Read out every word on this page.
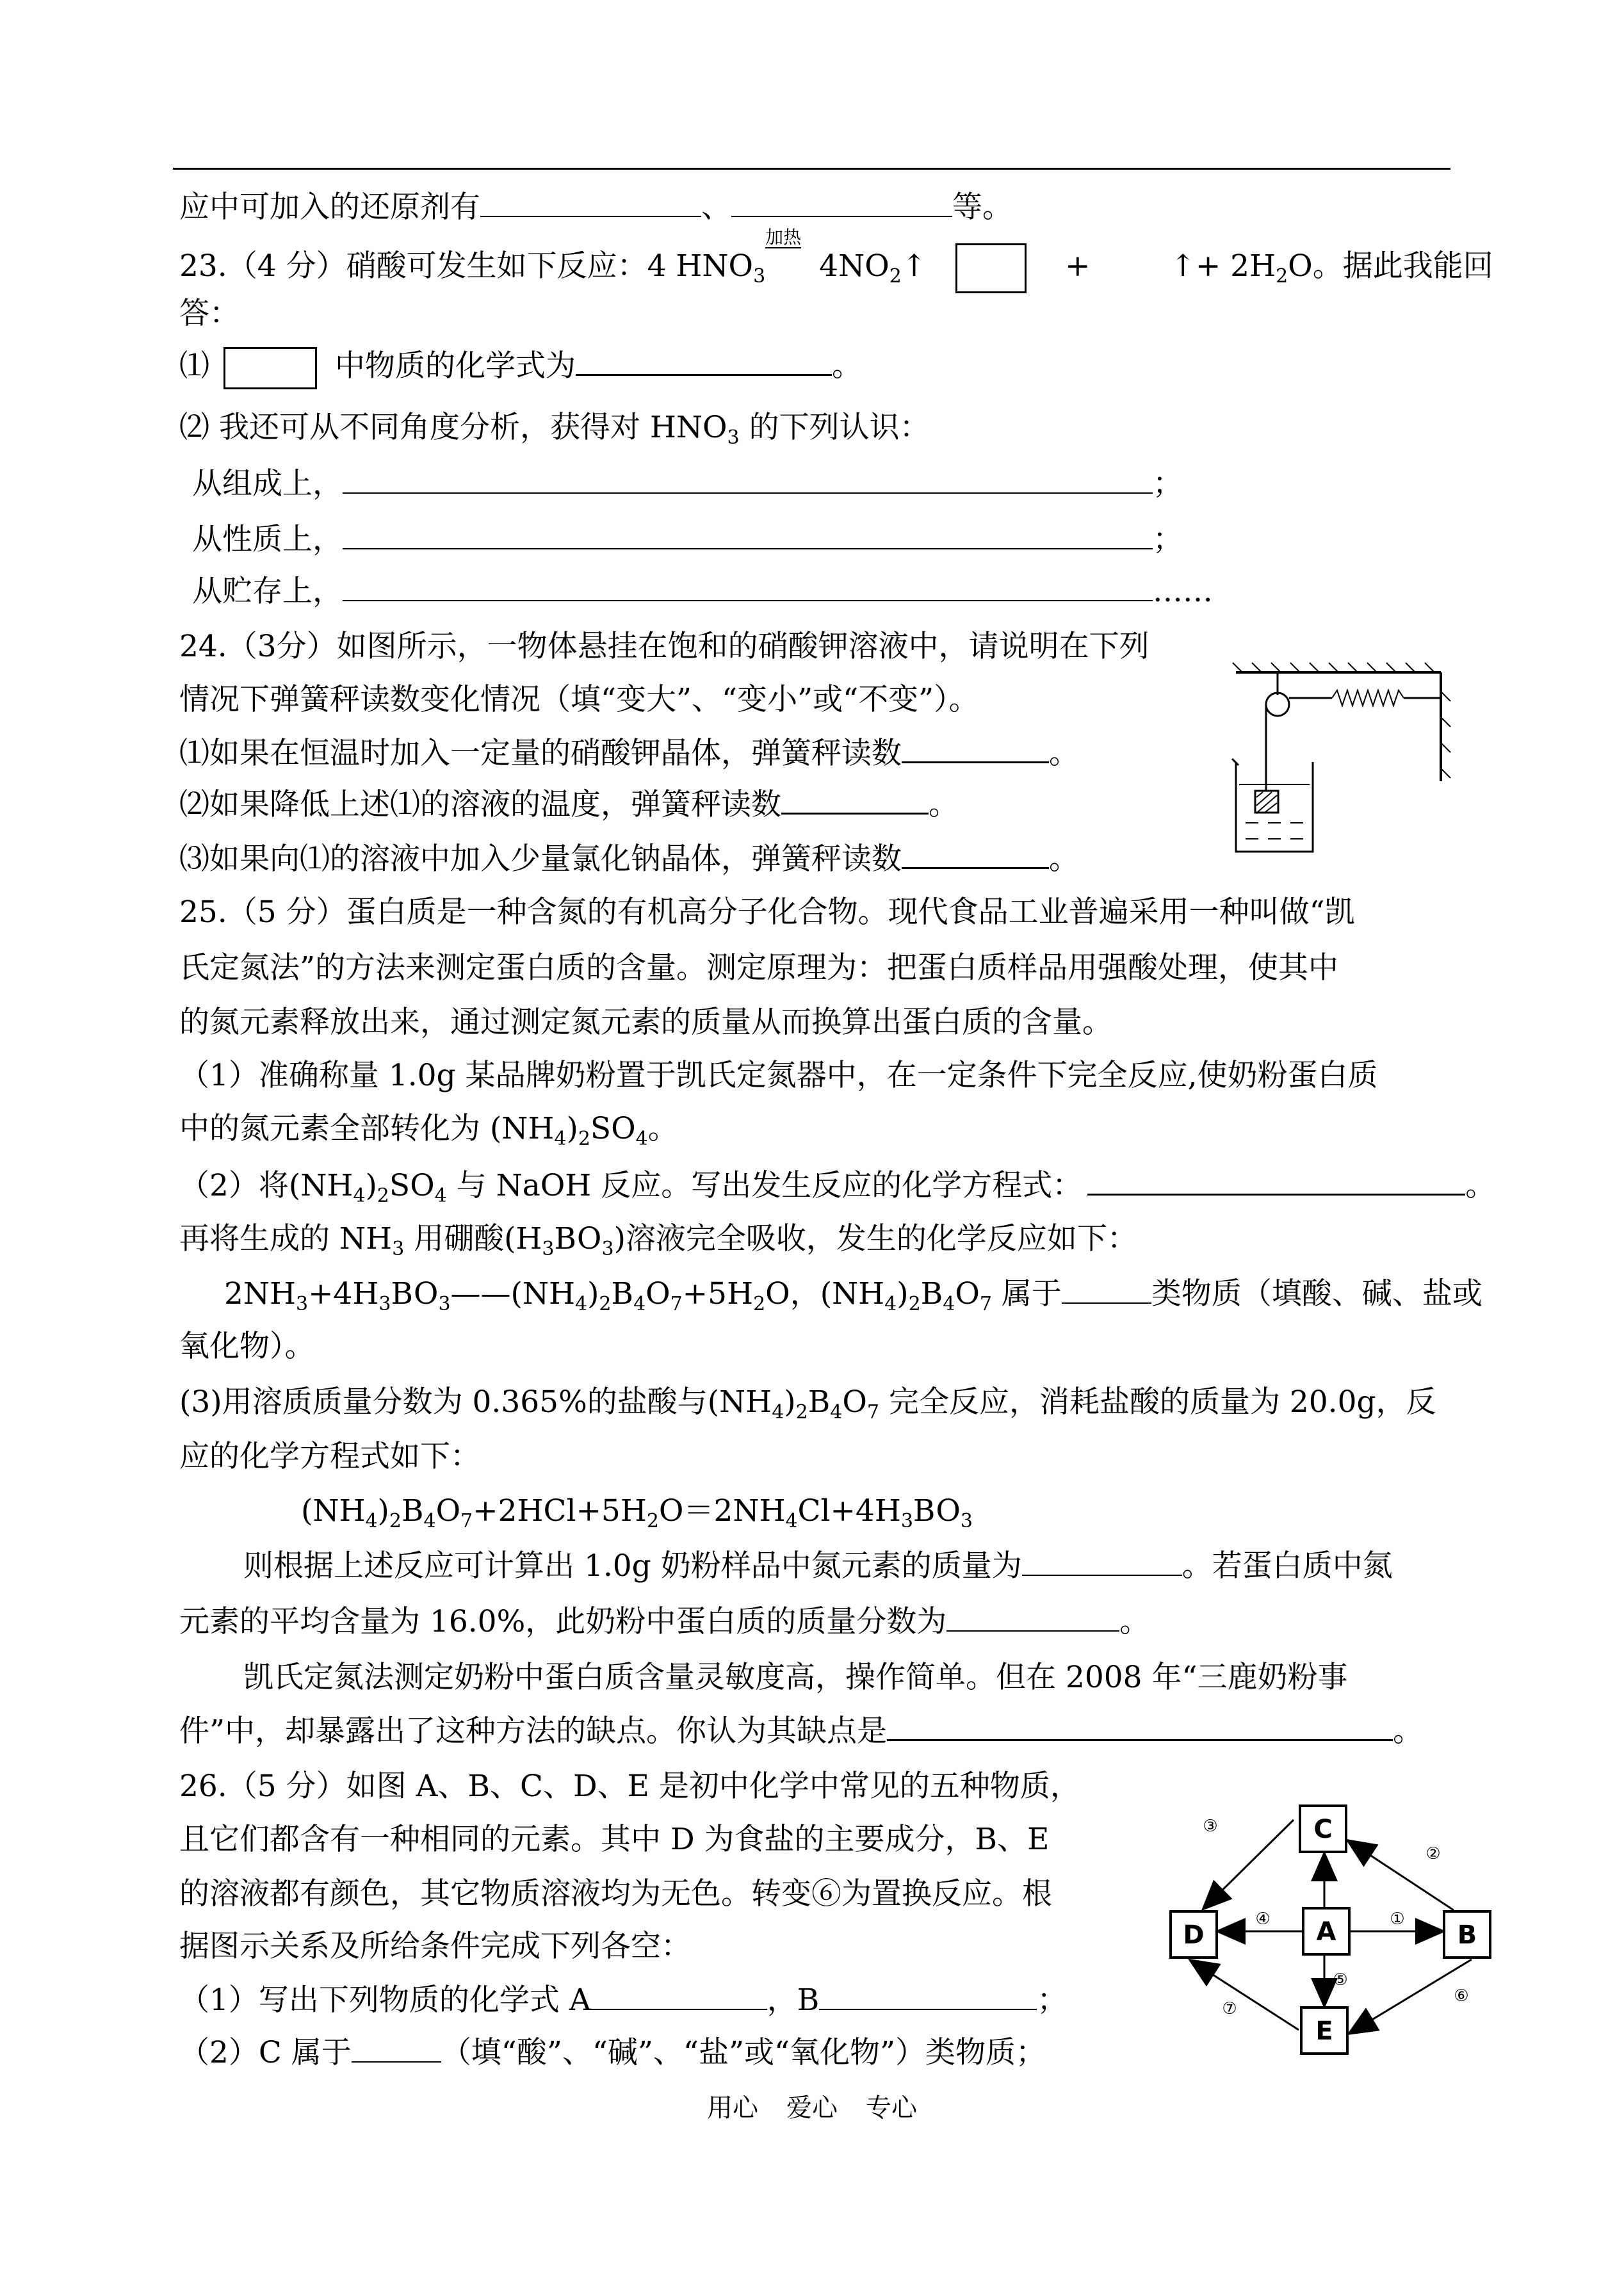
应中可加入的还原剂有	、	等。
23.（4 分）硝酸可发生如下反应：4 $HNO_3$
加热
$4NO_2↑$	+	↑+ $2H_2O$。据此我能回
答：
⑴	中物质的化学式为	。
⑵ 我还可从不同角度分析，获得对 $HNO_3$ 的下列认识：
从组成上，	；
从性质上，	；
从贮存上，	……
24.（3分）如图所示，一物体悬挂在饱和的硝酸钾溶液中，请说明在下列
情况下弹簧秤读数变化情况（填“变大”、“变小”或“不变”）。
⑴如果在恒温时加入一定量的硝酸钾晶体，弹簧秤读数	。
⑵如果降低上述⑴的溶液的温度，弹簧秤读数	。
⑶如果向⑴的溶液中加入少量氯化钠晶体，弹簧秤读数	。
25.（5 分）蛋白质是一种含氮的有机高分子化合物。现代食品工业普遍采用一种叫做“凯
氏定氮法”的方法来测定蛋白质的含量。测定原理为：把蛋白质样品用强酸处理，使其中
的氮元素释放出来，通过测定氮元素的质量从而换算出蛋白质的含量。
（1）准确称量 1.0g 某品牌奶粉置于凯氏定氮器中，在一定条件下完全反应,使奶粉蛋白质
中的氮元素全部转化为 $(NH_4)_2SO_4$。
（2）将$(NH_4)_2SO_4$ 与 NaOH 反应。写出发生反应的化学方程式：	。
再将生成的 $NH_3$ 用硼酸$(H_3BO_3)$溶液完全吸收，发生的化学反应如下：
$2NH_3+4H_3BO_3——(NH_4)_2B_4O_7+5H_2O$，$(NH_4)_2B_4O_7$ 属于	类物质（填酸、碱、盐或
氧化物）。
(3)用溶质质量分数为 0.365%的盐酸与$(NH_4)_2B_4O_7$ 完全反应，消耗盐酸的质量为 20.0g，反
应的化学方程式如下：
$(NH_4)_2B_4O_7+2HCl+5H_2O=2NH_4Cl+4H_3BO_3$
则根据上述反应可计算出 1.0g 奶粉样品中氮元素的质量为	。若蛋白质中氮
元素的平均含量为 16.0%，此奶粉中蛋白质的质量分数为	。
凯氏定氮法测定奶粉中蛋白质含量灵敏度高，操作简单。但在 2008 年“三鹿奶粉事
件”中，却暴露出了这种方法的缺点。你认为其缺点是	。
26.（5 分）如图 A、B、C、D、E 是初中化学中常见的五种物质，
且它们都含有一种相同的元素。其中 D 为食盐的主要成分，B、E
的溶液都有颜色，其它物质溶液均为无色。转变⑥为置换反应。根
据图示关系及所给条件完成下列各空：
（1）写出下列物质的化学式 A	，B	；
（2）C 属于	（填“酸”、“碱”、“盐”或“氧化物”）类物质；
C
A
D	B
E
①
②
③
④
⑤
⑥
⑦
用心 爱心 专心
